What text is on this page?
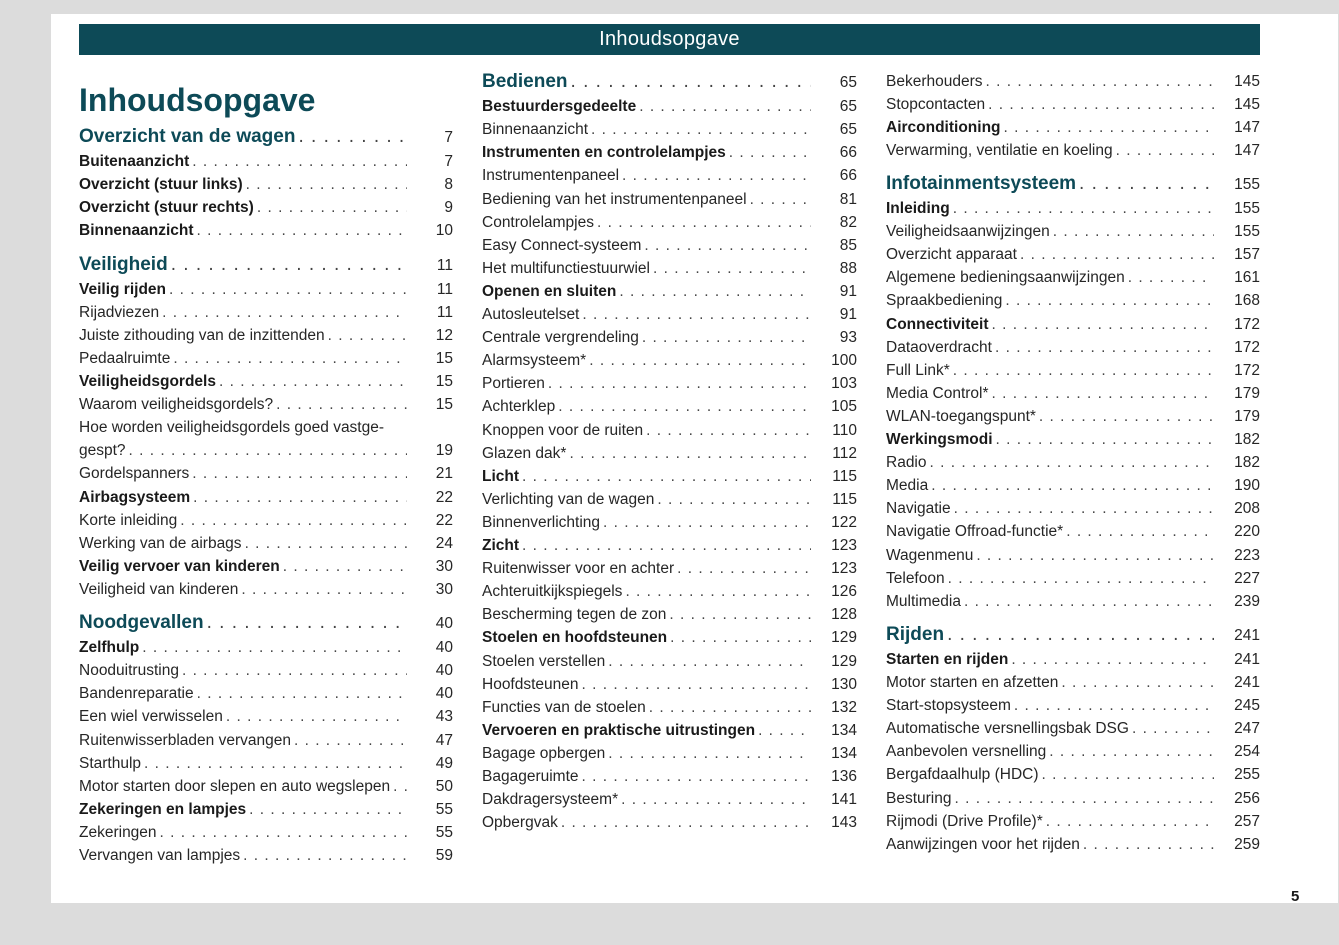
Inhoudsopgave
Inhoudsopgave
Overzicht van de wagen . . .	7
Buitenaanzicht . . .	7
Overzicht (stuur links) . . .	8
Overzicht (stuur rechts) . . .	9
Binnenaanzicht . . .	10
Veiligheid . . .	11
Veilig rijden . . .	11
Rijadviezen . . .	11
Juiste zithouding van de inzittenden . . .	12
Pedaalruimte . . .	15
Veiligheidsgordels . . .	15
Waarom veiligheidsgordels? . . .	15
Hoe worden veiligheidsgordels goed vastge-
gespt? . . .	19
Gordelspanners . . .	21
Airbagsysteem . . .	22
Korte inleiding . . .	22
Werking van de airbags . . .	24
Veilig vervoer van kinderen . . .	30
Veiligheid van kinderen . . .	30
Noodgevallen . . .	40
Zelfhulp . . .	40
Nooduitrusting . . .	40
Bandenreparatie . . .	40
Een wiel verwisselen . . .	43
Ruitenwisserbladen vervangen . . .	47
Starthulp . . .	49
Motor starten door slepen en auto wegslepen . . .	50
Zekeringen en lampjes . . .	55
Zekeringen . . .	55
Vervangen van lampjes . . .	59
Bedienen . . .	65
Bestuurdersgedeelte . . .	65
Binnenaanzicht . . .	65
Instrumenten en controlelampjes . . .	66
Instrumentenpaneel . . .	66
Bediening van het instrumentenpaneel . . .	81
Controlelampjes . . .	82
Easy Connect-systeem . . .	85
Het multifunctiestuurwiel . . .	88
Openen en sluiten . . .	91
Autosleutelset . . .	91
Centrale vergrendeling . . .	93
Alarmsysteem* . . .	100
Portieren . . .	103
Achterklep . . .	105
Knoppen voor de ruiten . . .	110
Glazen dak* . . .	112
Licht . . .	115
Verlichting van de wagen . . .	115
Binnenverlichting . . .	122
Zicht . . .	123
Ruitenwisser voor en achter . . .	123
Achteruitkijkspiegels . . .	126
Bescherming tegen de zon . . .	128
Stoelen en hoofdsteunen . . .	129
Stoelen verstellen . . .	129
Hoofdsteunen . . .	130
Functies van de stoelen . . .	132
Vervoeren en praktische uitrustingen . . .	134
Bagage opbergen . . .	134
Bagageruimte . . .	136
Dakdragersysteem* . . .	141
Opbergvak . . .	143
Bekerhouders . . .	145
Stopcontacten . . .	145
Airconditioning . . .	147
Verwarming, ventilatie en koeling . . .	147
Infotainmentsysteem . . .	155
Inleiding . . .	155
Veiligheidsaanwijzingen . . .	155
Overzicht apparaat . . .	157
Algemene bedieningsaanwijzingen . . .	161
Spraakbediening . . .	168
Connectiviteit . . .	172
Dataoverdracht . . .	172
Full Link* . . .	172
Media Control* . . .	179
WLAN-toegangspunt* . . .	179
Werkingsmodi . . .	182
Radio . . .	182
Media . . .	190
Navigatie . . .	208
Navigatie Offroad-functie* . . .	220
Wagenmenu . . .	223
Telefoon . . .	227
Multimedia . . .	239
Rijden . . .	241
Starten en rijden . . .	241
Motor starten en afzetten . . .	241
Start-stopsysteem . . .	245
Automatische versnellingsbak DSG . . .	247
Aanbevolen versnelling . . .	254
Bergafdaalhulp (HDC) . . .	255
Besturing . . .	256
Rijmodi (Drive Profile)* . . .	257
Aanwijzingen voor het rijden . . .	259
5
